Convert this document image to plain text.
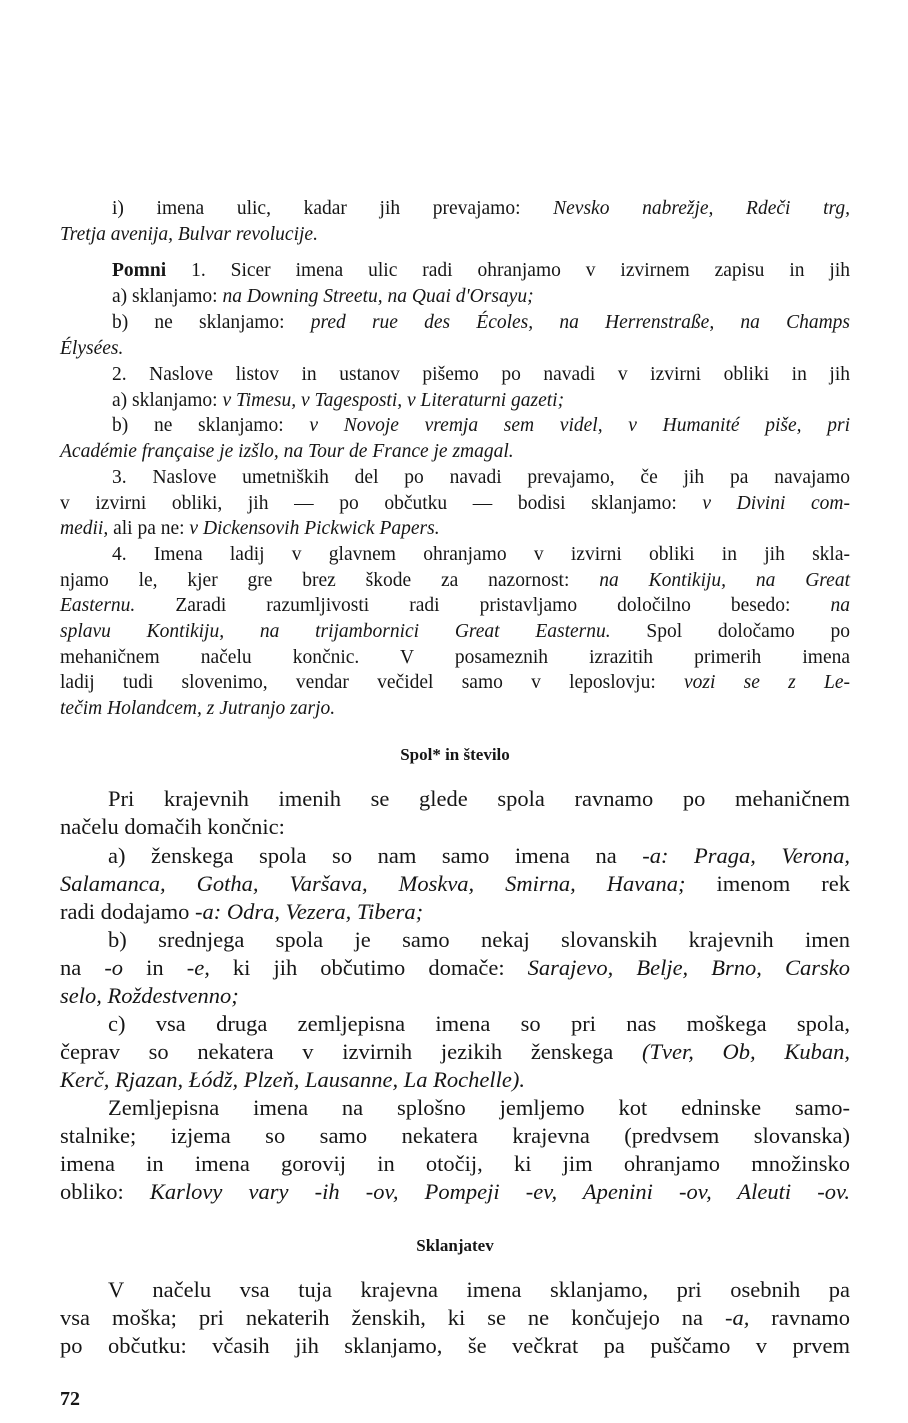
i) imena ulic, kadar jih prevajamo: Nevsko nabrežje, Rdeči trg,
Tretja avenija, Bulvar revolucije.
Pomni 1. Sicer imena ulic radi ohranjamo v izvirnem zapisu in jih
a) sklanjamo: na Downing Streetu, na Quai d'Orsayu;
b) ne sklanjamo: pred rue des Écoles, na Herrenstraße, na Champs
Élysées.
2. Naslove listov in ustanov pišemo po navadi v izvirni obliki in jih
a) sklanjamo: v Timesu, v Tagesposti, v Literaturni gazeti;
b) ne sklanjamo: v Novoje vremja sem videl, v Humanité piše, pri
Académie française je izšlo, na Tour de France je zmagal.
3. Naslove umetniških del po navadi prevajamo, če jih pa navajamo
v izvirni obliki, jih — po občutku — bodisi sklanjamo: v Divini com-
medii, ali pa ne: v Dickensovih Pickwick Papers.
4. Imena ladij v glavnem ohranjamo v izvirni obliki in jih skla-
njamo le, kjer gre brez škode za nazornost: na Kontikiju, na Great
Easternu. Zaradi razumljivosti radi pristavljamo določilno besedo: na
splavu Kontikiju, na trijambornici Great Easternu. Spol določamo po
mehaničnem načelu končnic. V posameznih izrazitih primerih imena
ladij tudi slovenimo, vendar večidel samo v leposlovju: vozi se z Le-
tečim Holandcem, z Jutranjo zarjo.
Spol* in število
Pri krajevnih imenih se glede spola ravnamo po mehaničnem
načelu domačih končnic:
a) ženskega spola so nam samo imena na -a: Praga, Verona,
Salamanca, Gotha, Varšava, Moskva, Smirna, Havana; imenom rek
radi dodajamo -a: Odra, Vezera, Tibera;
b) srednjega spola je samo nekaj slovanskih krajevnih imen
na -o in -e, ki jih občutimo domače: Sarajevo, Belje, Brno, Carsko
selo, Roždestvenno;
c) vsa druga zemljepisna imena so pri nas moškega spola,
čeprav so nekatera v izvirnih jezikih ženskega (Tver, Ob, Kuban,
Kerč, Rjazan, Łódž, Plzeň, Lausanne, La Rochelle).
Zemljepisna imena na splošno jemljemo kot edninske samo-
stalnike; izjema so samo nekatera krajevna (predvsem slovanska)
imena in imena gorovij in otočij, ki jim ohranjamo množinsko
obliko: Karlovy vary -ih -ov, Pompeji -ev, Apenini -ov, Aleuti -ov.
Sklanjatev
V načelu vsa tuja krajevna imena sklanjamo, pri osebnih pa
vsa moška; pri nekaterih ženskih, ki se ne končujejo na -a, ravnamo
po občutku: včasih jih sklanjamo, še večkrat pa puščamo v prvem
72
